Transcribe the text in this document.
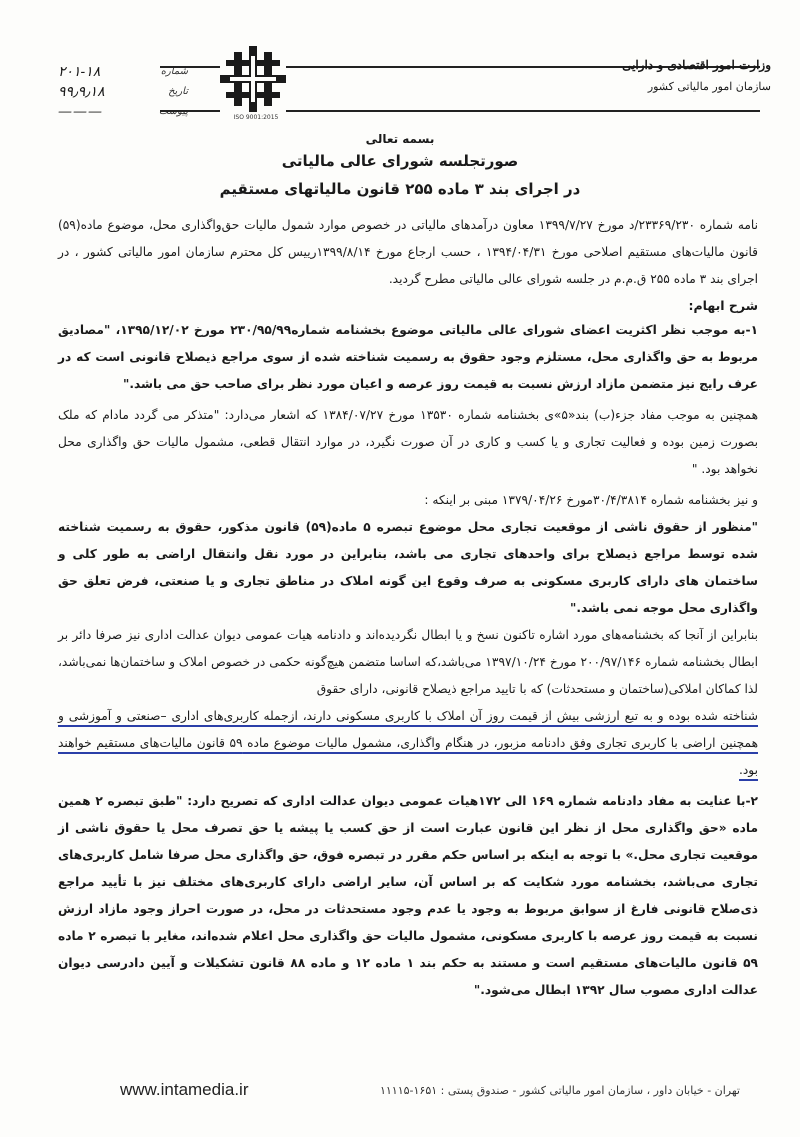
شماره
۲۰۱-۱۸
تاریخ
۹۹٫۹٫۱۸
پیوست
———	ISO 9001:2015
وزارت امور اقتصادی و دارایی
سازمان امور مالیاتی کشور

بسمه تعالی

صورتجلسه شورای عالی مالیاتی

در اجرای بند ۳ ماده ۲۵۵ قانون مالیاتهای مستقیم

نامه شماره ۲۳۳۶۹/۲۳۰/د مورخ ۱۳۹۹/۷/۲۷ معاون درآمدهای مالیاتی در خصوص موارد شمول مالیات حق‌واگذاری محل، موضوع ماده(۵۹) قانون مالیات‌های مستقیم اصلاحی مورخ ۱۳۹۴/۰۴/۳۱ ، حسب ارجاع مورخ ۱۳۹۹/۸/۱۴رییس کل محترم سازمان امور مالیاتی کشور ، در اجرای بند ۳ ماده ۲۵۵ ق.م.م در جلسه شورای عالی مالیاتی مطرح گردید.

شرح ابهام:

۱-به موجب نظر اکثریت اعضای شورای عالی مالیاتی موضوع بخشنامه شماره۲۳۰/۹۵/۹۹ مورخ ۱۳۹۵/۱۲/۰۲، "مصادیق مربوط به حق واگذاری محل، مستلزم وجود حقوق به رسمیت شناخته شده از سوی مراجع ذیصلاح قانونی است که در عرف رایج نیز متضمن مازاد ارزش نسبت به قیمت روز عرصه و اعیان مورد نظر برای صاحب حق می باشد."

همچنین به موجب مفاد جزء(ب) بند«۵»ی بخشنامه شماره ۱۳۵۳۰ مورخ ۱۳۸۴/۰۷/۲۷ که اشعار می‌دارد: "متذکر می گردد مادام که ملک بصورت زمین بوده و فعالیت تجاری و یا کسب و کاری در آن صورت نگیرد، در موارد انتقال قطعی، مشمول مالیات حق واگذاری محل نخواهد بود. "

و نیز بخشنامه شماره ۳۰/۴/۳۸۱۴مورخ ۱۳۷۹/۰۴/۲۶ مبنی بر اینکه :

"منظور از حقوق ناشی از موقعیت تجاری محل موضوع تبصره ۵ ماده(۵۹) قانون مذکور، حقوق به رسمیت شناخته شده توسط مراجع ذیصلاح برای واحدهای تجاری می باشد، بنابراین در مورد نقل وانتقال اراضی به طور کلی و ساختمان های دارای کاربری مسکونی به صرف وقوع این گونه املاک در مناطق تجاری و یا صنعتی، فرض تعلق حق واگذاری محل موجه نمی باشد."

بنابراین از آنجا که بخشنامه‌های مورد اشاره تاکنون نسخ و یا ابطال نگردیده‌اند و دادنامه هیات عمومی دیوان عدالت اداری نیز صرفا دائر بر ابطال بخشنامه شماره ۲۰۰/۹۷/۱۴۶ مورخ ۱۳۹۷/۱۰/۲۴ می‌باشد،که اساسا متضمن هیچ‌گونه حکمی در خصوص املاک و ساختمان‌ها نمی‌باشد، لذا کماکان املاکی(ساختمان و مستحدثات) که با تایید مراجع ذیصلاح قانونی، دارای حقوق

شناخته شده بوده و به تبع ارزشی بیش از قیمت روز آن املاک با کاربری مسکونی دارند، ازجمله کاربری‌های اداری –صنعتی و آموزشی و همچنین اراضی با کاربری تجاری وفق دادنامه مزبور، در هنگام واگذاری، مشمول مالیات موضوع ماده ۵۹ قانون مالیات‌های مستقیم خواهند بود.

۲-با عنایت به مفاد دادنامه شماره ۱۶۹ الی ۱۷۲هیات عمومی دیوان عدالت اداری که تصریح دارد: "طبق تبصره ۲ همین ماده «حق واگذاری محل از نظر این قانون عبارت است از حق کسب یا پیشه یا حق تصرف محل یا حقوق ناشی از موقعیت تجاری محل.» با توجه به اینکه بر اساس حکم مقرر در تبصره فوق، حق واگذاری محل صرفا شامل کاربری‌های تجاری می‌باشد، بخشنامه مورد شکایت که بر اساس آن، سایر اراضی دارای کاربری‌های مختلف نیز با تأیید مراجع ذی‌صلاح قانونی فارغ از سوابق مربوط به وجود یا عدم وجود مستحدثات در محل، در صورت احراز وجود مازاد ارزش نسبت به قیمت روز عرصه با کاربری مسکونی، مشمول مالیات حق واگذاری محل اعلام شده‌اند، مغایر با تبصره ۲ ماده ۵۹ قانون مالیات‌های مستقیم است و مستند به حکم بند ۱ ماده ۱۲ و ماده ۸۸ قانون تشکیلات و آیین دادرسی دیوان عدالت اداری مصوب سال ۱۳۹۲ ابطال می‌شود."

www.intamedia.ir	تهران - خیابان داور ، سازمان امور مالیاتی کشور - صندوق پستی : ۱۶۵۱-۱۱۱۱۵
